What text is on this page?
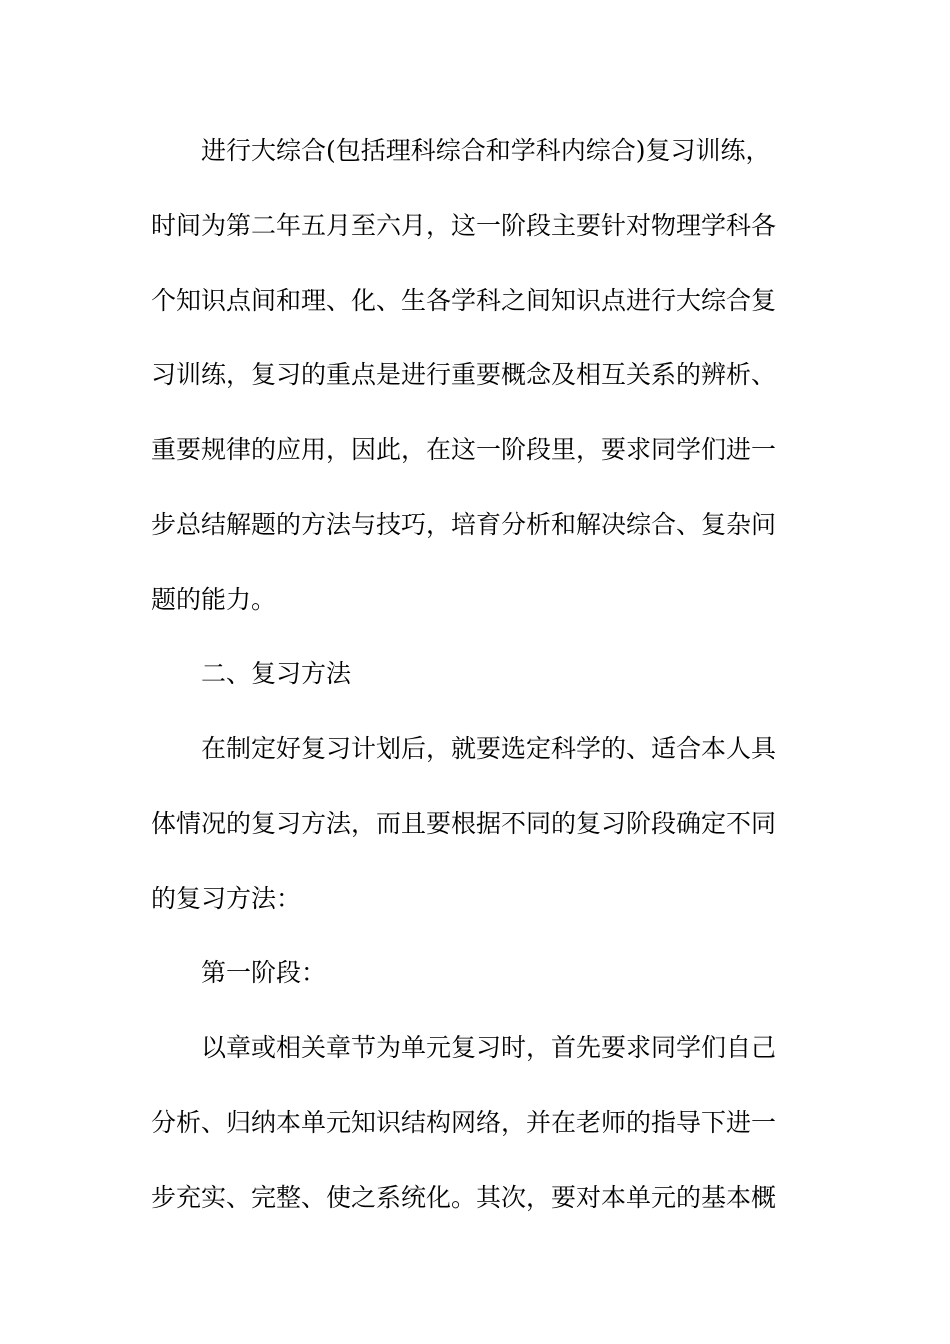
进行大综合(包括理科综合和学科内综合)复习训练，
时间为第二年五月至六月，这一阶段主要针对物理学科各
个知识点间和理、化、生各学科之间知识点进行大综合复
习训练，复习的重点是进行重要概念及相互关系的辨析、
重要规律的应用，因此，在这一阶段里，要求同学们进一
步总结解题的方法与技巧，培育分析和解决综合、复杂问
题的能力。
二、复习方法
在制定好复习计划后，就要选定科学的、适合本人具
体情况的复习方法，而且要根据不同的复习阶段确定不同
的复习方法：
第一阶段：
以章或相关章节为单元复习时，首先要求同学们自己
分析、归纳本单元知识结构网络，并在老师的指导下进一
步充实、完整、使之系统化。其次，要对本单元的基本概
